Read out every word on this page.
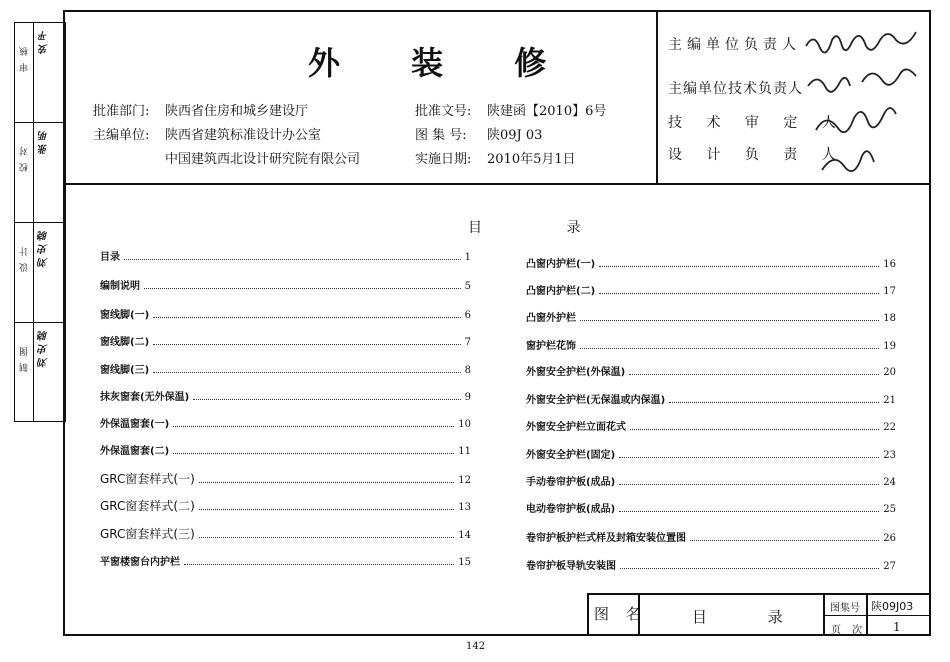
审 核
安 平
校 对
张 明
设 计 刘 史 晓
制 图 刘 史 晓
外 装 修
批准部门: 陕西省住房和城乡建设厅
主编单位: 陕西省建筑标准设计办公室
中国建筑西北设计研究院有限公司
批准文号: 陕建函【2010】6号
图 集 号: 陕09J 03
实施日期: 2010年5月1日
主编单位负责人
主编单位技术负责人
技 术 审 定 人
设 计 负 责 人
目 录
目录	1
编制说明	5
窗线脚(一)	6
窗线脚(二)	7
窗线脚(三)	8
抹灰窗套(无外保温)	9
外保温窗套(一)	10
外保温窗套(二)	11
GRC窗套样式(一)	12
GRC窗套样式(二)	13
GRC窗套样式(三)	14
平窗楼窗台内护栏	15
凸窗内护栏(一)	16
凸窗内护栏(二)	17
凸窗外护栏	18
窗护栏花饰	19
外窗安全护栏(外保温)	20
外窗安全护栏(无保温或内保温)	21
外窗安全护栏立面花式	22
外窗安全护栏(固定)	23
手动卷帘护板(成品)	24
电动卷帘护板(成品)	25
卷帘护板护栏式样及封箱安装位置图	26
卷帘护板导轨安装图	27
图 名	目 录 图集号 陕09J03
页 次 1
142
